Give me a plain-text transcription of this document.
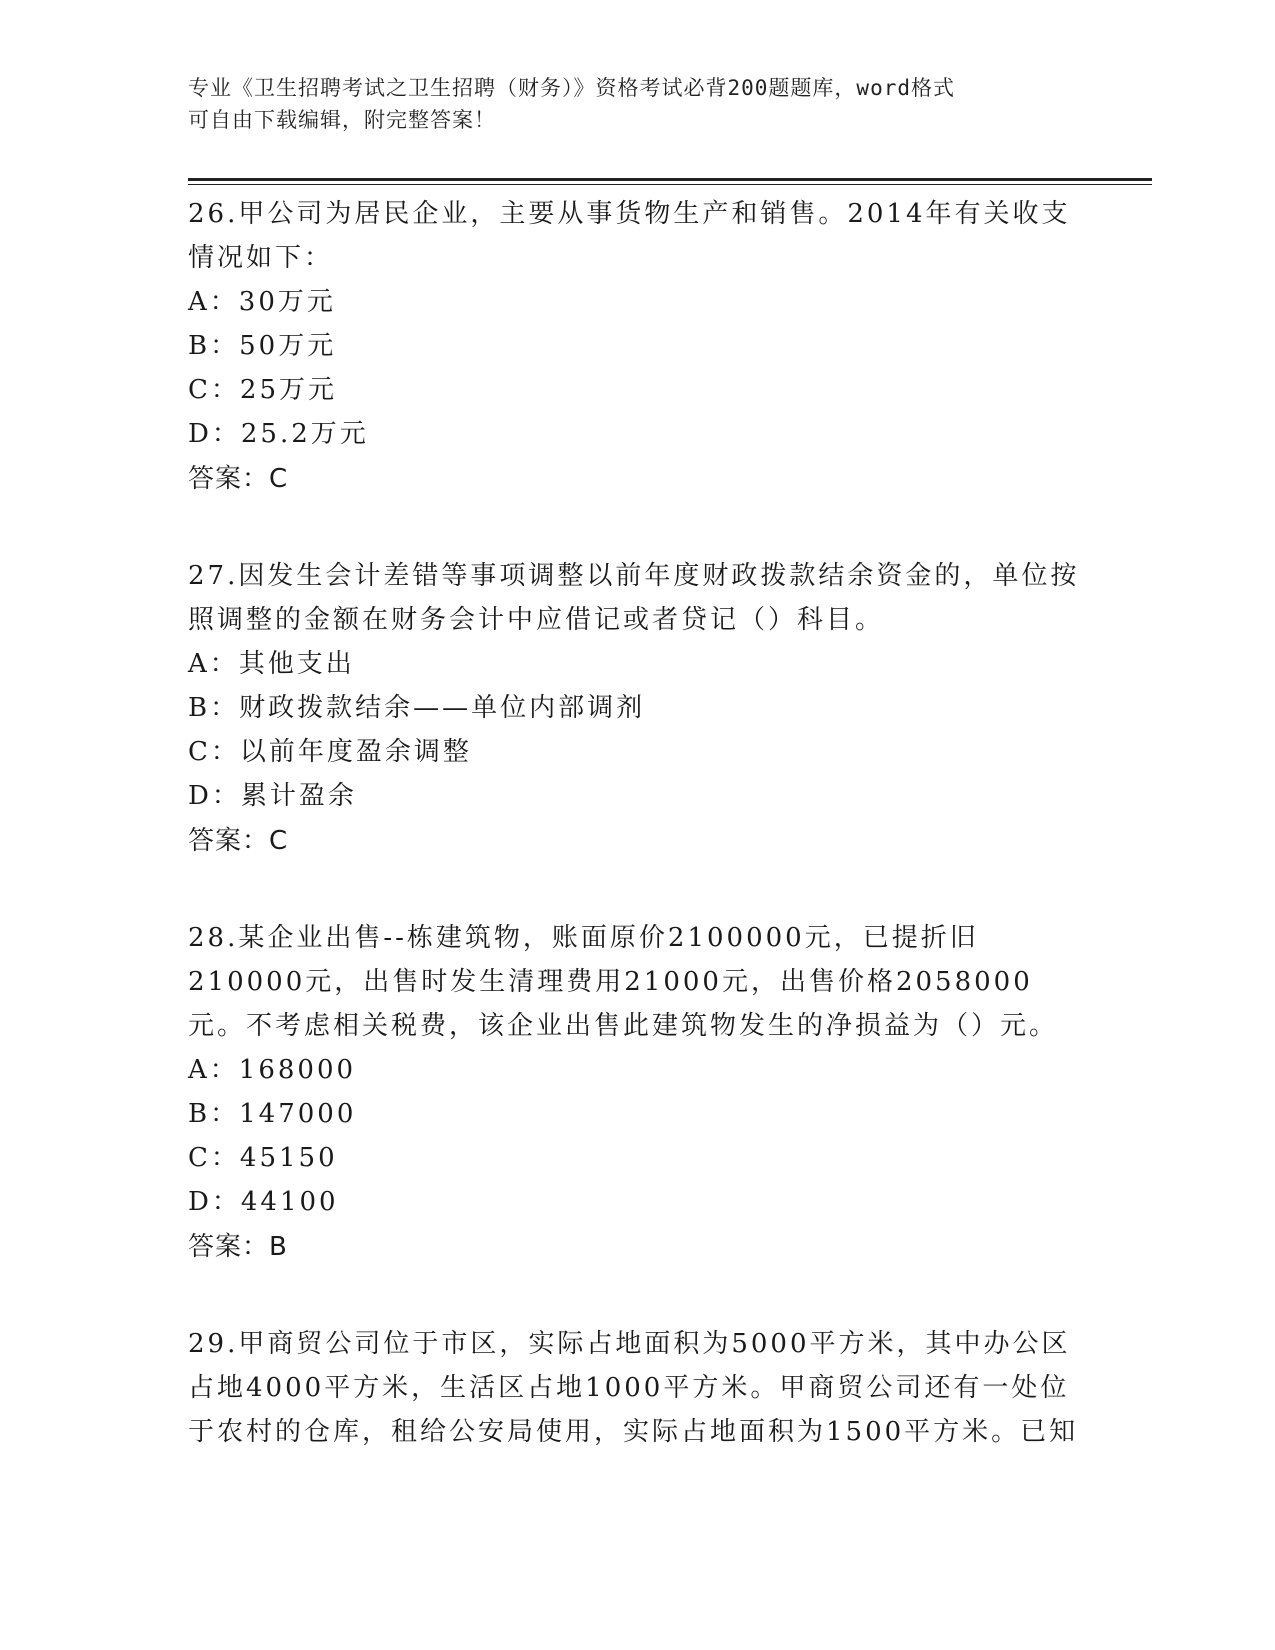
专业《卫生招聘考试之卫生招聘（财务）》资格考试必背200题题库，word格式
可自由下载编辑，附完整答案！

26.甲公司为居民企业，主要从事货物生产和销售。2014年有关收支情况如下：

A：30万元

B：50万元

C：25万元

D：25.2万元

答案：C

27.因发生会计差错等事项调整以前年度财政拨款结余资金的，单位按照调整的金额在财务会计中应借记或者贷记（）科目。

A：其他支出

B：财政拨款结余——单位内部调剂

C：以前年度盈余调整

D：累计盈余

答案：C

28.某企业出售--栋建筑物，账面原价2100000元，已提折旧210000元，出售时发生清理费用21000元，出售价格2058000元。不考虑相关税费，该企业出售此建筑物发生的净损益为（）元。

A：168000

B：147000

C：45150

D：44100

答案：B

29.甲商贸公司位于市区，实际占地面积为5000平方米，其中办公区占地4000平方米，生活区占地1000平方米。甲商贸公司还有一处位于农村的仓库，租给公安局使用，实际占地面积为1500平方米。已知
